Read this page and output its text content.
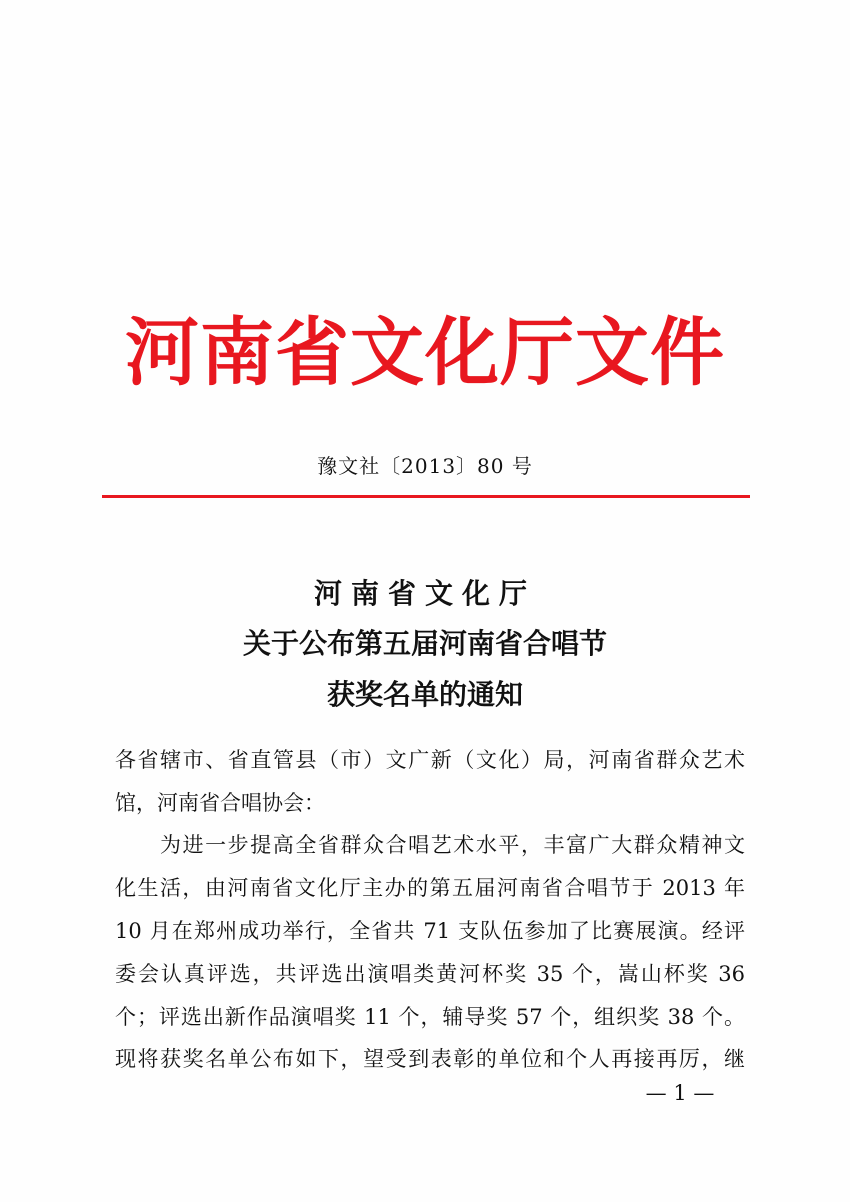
河南省文化厅文件
豫文社〔2013〕80 号
河南省文化厅
关于公布第五届河南省合唱节
获奖名单的通知
各省辖市、省直管县（市）文广新（文化）局，河南省群众艺术
馆，河南省合唱协会：
为进一步提高全省群众合唱艺术水平，丰富广大群众精神文
化生活，由河南省文化厅主办的第五届河南省合唱节于 2013 年
10 月在郑州成功举行，全省共 71 支队伍参加了比赛展演。经评
委会认真评选，共评选出演唱类黄河杯奖 35 个，嵩山杯奖 36
个；评选出新作品演唱奖 11 个，辅导奖 57 个，组织奖 38 个。
现将获奖名单公布如下，望受到表彰的单位和个人再接再厉，继
— 1 —
